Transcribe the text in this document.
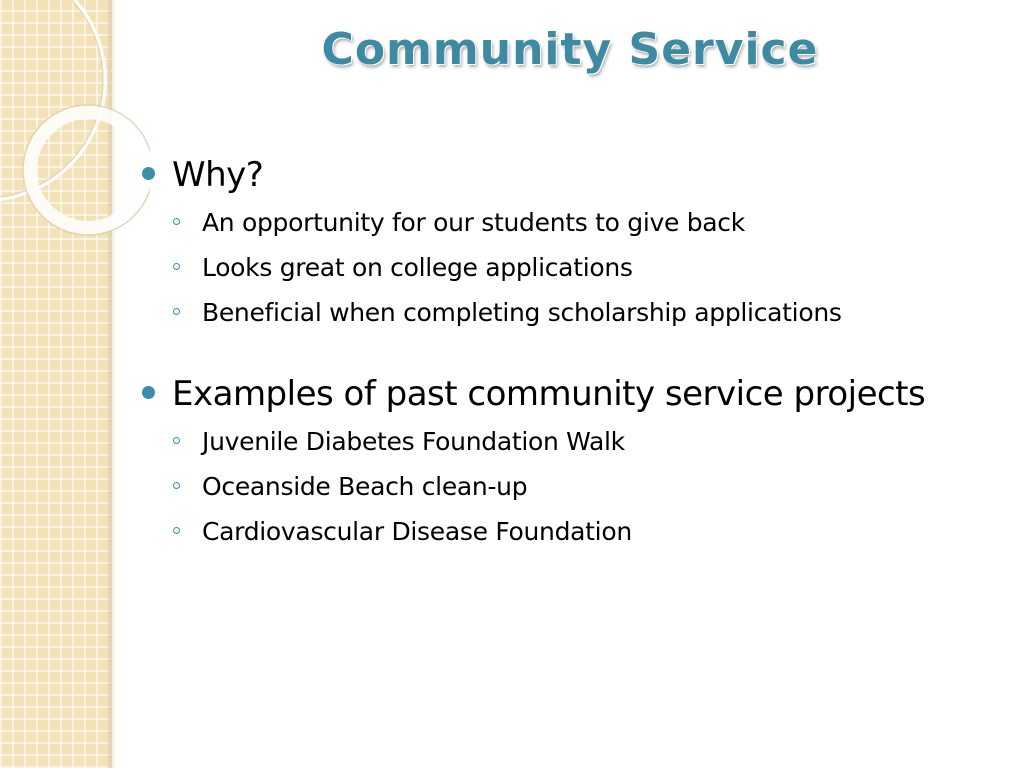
Community Service
Why?
An opportunity for our students to give back
Looks great on college applications
Beneficial when completing scholarship applications
Examples of past community service projects
Juvenile Diabetes Foundation Walk
Oceanside Beach clean-up
Cardiovascular Disease Foundation
